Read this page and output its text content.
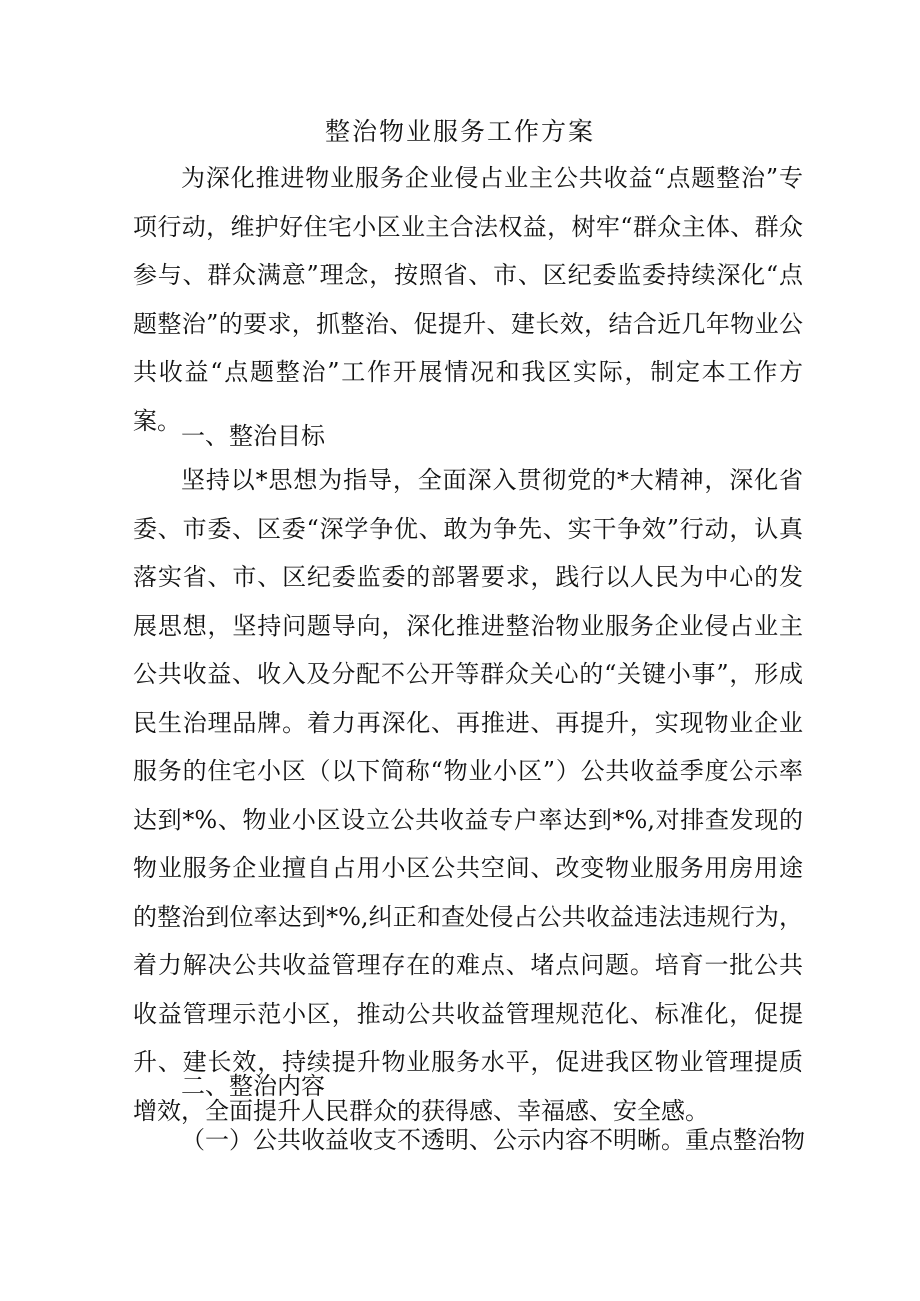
整治物业服务工作方案

为深化推进物业服务企业侵占业主公共收益“点题整治”专项行动，维护好住宅小区业主合法权益，树牢“群众主体、群众参与、群众满意”理念，按照省、市、区纪委监委持续深化“点题整治”的要求，抓整治、促提升、建长效，结合近几年物业公共收益“点题整治”工作开展情况和我区实际，制定本工作方案。

一、整治目标

坚持以*思想为指导，全面深入贯彻党的*大精神，深化省委、市委、区委“深学争优、敢为争先、实干争效”行动，认真落实省、市、区纪委监委的部署要求，践行以人民为中心的发展思想，坚持问题导向，深化推进整治物业服务企业侵占业主公共收益、收入及分配不公开等群众关心的“关键小事”，形成民生治理品牌。着力再深化、再推进、再提升，实现物业企业服务的住宅小区（以下简称“物业小区”）公共收益季度公示率达到*%、物业小区设立公共收益专户率达到*%,对排查发现的物业服务企业擅自占用小区公共空间、改变物业服务用房用途的整治到位率达到*%,纠正和查处侵占公共收益违法违规行为，着力解决公共收益管理存在的难点、堵点问题。培育一批公共收益管理示范小区，推动公共收益管理规范化、标准化，促提升、建长效，持续提升物业服务水平，促进我区物业管理提质增效，全面提升人民群众的获得感、幸福感、安全感。

二、整治内容

（一）公共收益收支不透明、公示内容不明晰。重点整治物
